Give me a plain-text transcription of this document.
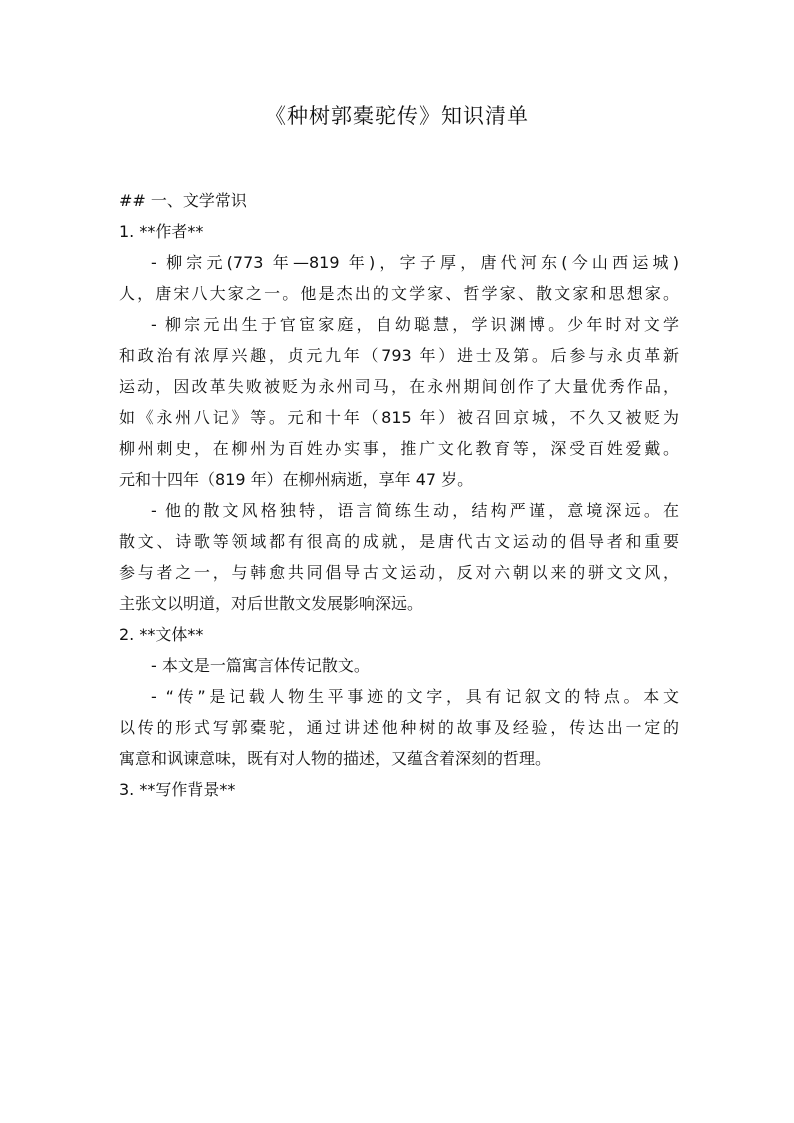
《种树郭橐驼传》知识清单
## 一、文学常识
1. **作者**
- 柳宗元(773 年—819 年)，字子厚，唐代河东(今山西运城)
人，唐宋八大家之一。他是杰出的文学家、哲学家、散文家和思想家。
- 柳宗元出生于官宦家庭，自幼聪慧，学识渊博。少年时对文学
和政治有浓厚兴趣，贞元九年（793 年）进士及第。后参与永贞革新
运动，因改革失败被贬为永州司马，在永州期间创作了大量优秀作品，
如《永州八记》等。元和十年（815 年）被召回京城，不久又被贬为
柳州刺史，在柳州为百姓办实事，推广文化教育等，深受百姓爱戴。
元和十四年（819 年）在柳州病逝，享年 47 岁。
- 他的散文风格独特，语言简练生动，结构严谨，意境深远。在
散文、诗歌等领域都有很高的成就，是唐代古文运动的倡导者和重要
参与者之一，与韩愈共同倡导古文运动，反对六朝以来的骈文文风，
主张文以明道，对后世散文发展影响深远。
2. **文体**
- 本文是一篇寓言体传记散文。
- “传”是记载人物生平事迹的文字，具有记叙文的特点。本文
以传的形式写郭橐驼，通过讲述他种树的故事及经验，传达出一定的
寓意和讽谏意味，既有对人物的描述，又蕴含着深刻的哲理。
3. **写作背景**
